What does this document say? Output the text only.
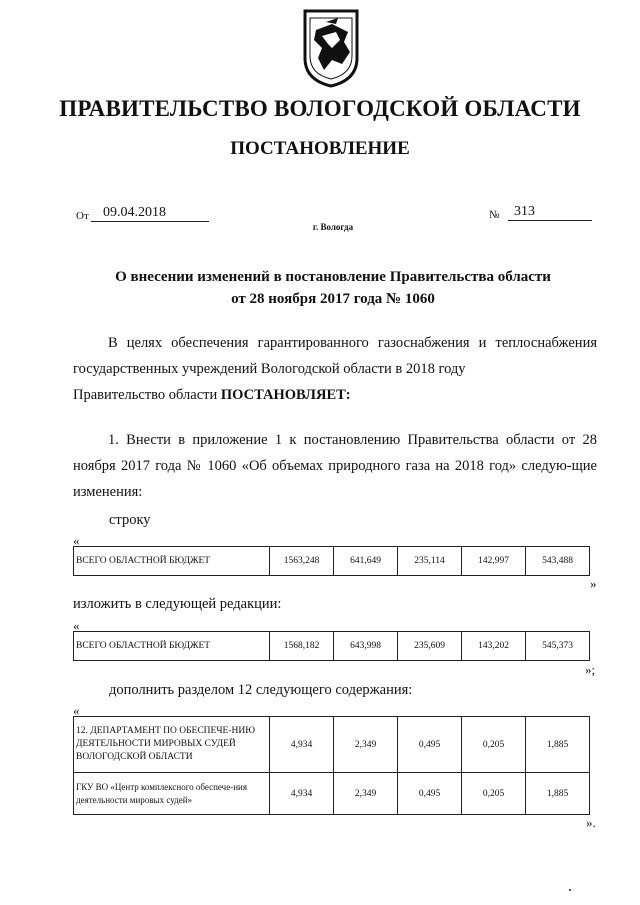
ПРАВИТЕЛЬСТВО ВОЛОГОДСКОЙ ОБЛАСТИ
ПОСТАНОВЛЕНИЕ
От	09.04.2018	№	313
г. Вологда
О внесении изменений в постановление Правительства области
от 28 ноября 2017 года № 1060
В целях обеспечения гарантированного газоснабжения и теплоснабжения государственных учреждений Вологодской области в 2018 году
Правительство области ПОСТАНОВЛЯЕТ:
1. Внести в приложение 1 к постановлению Правительства области от 28 ноября 2017 года № 1060 «Об объемах природного газа на 2018 год» следую-щие изменения:
строку
«
ВСЕГО ОБЛАСТНОЙ БЮДЖЕТ	1563,248	641,649	235,114	142,997	543,488
»
изложить в следующей редакции:
«
ВСЕГО ОБЛАСТНОЙ БЮДЖЕТ	1568,182	643,998	235,609	143,202	545,373
»;
дополнить разделом 12 следующего содержания:
«
12. ДЕПАРТАМЕНТ ПО ОБЕСПЕЧЕ-НИЮ ДЕЯТЕЛЬНОСТИ МИРОВЫХ СУДЕЙ ВОЛОГОДСКОЙ ОБЛАСТИ	4,934	2,349	0,495	0,205	1,885
ГКУ ВО «Центр комплексного обеспече-ния деятельности мировых судей»	4,934	2,349	0,495	0,205	1,885
».
